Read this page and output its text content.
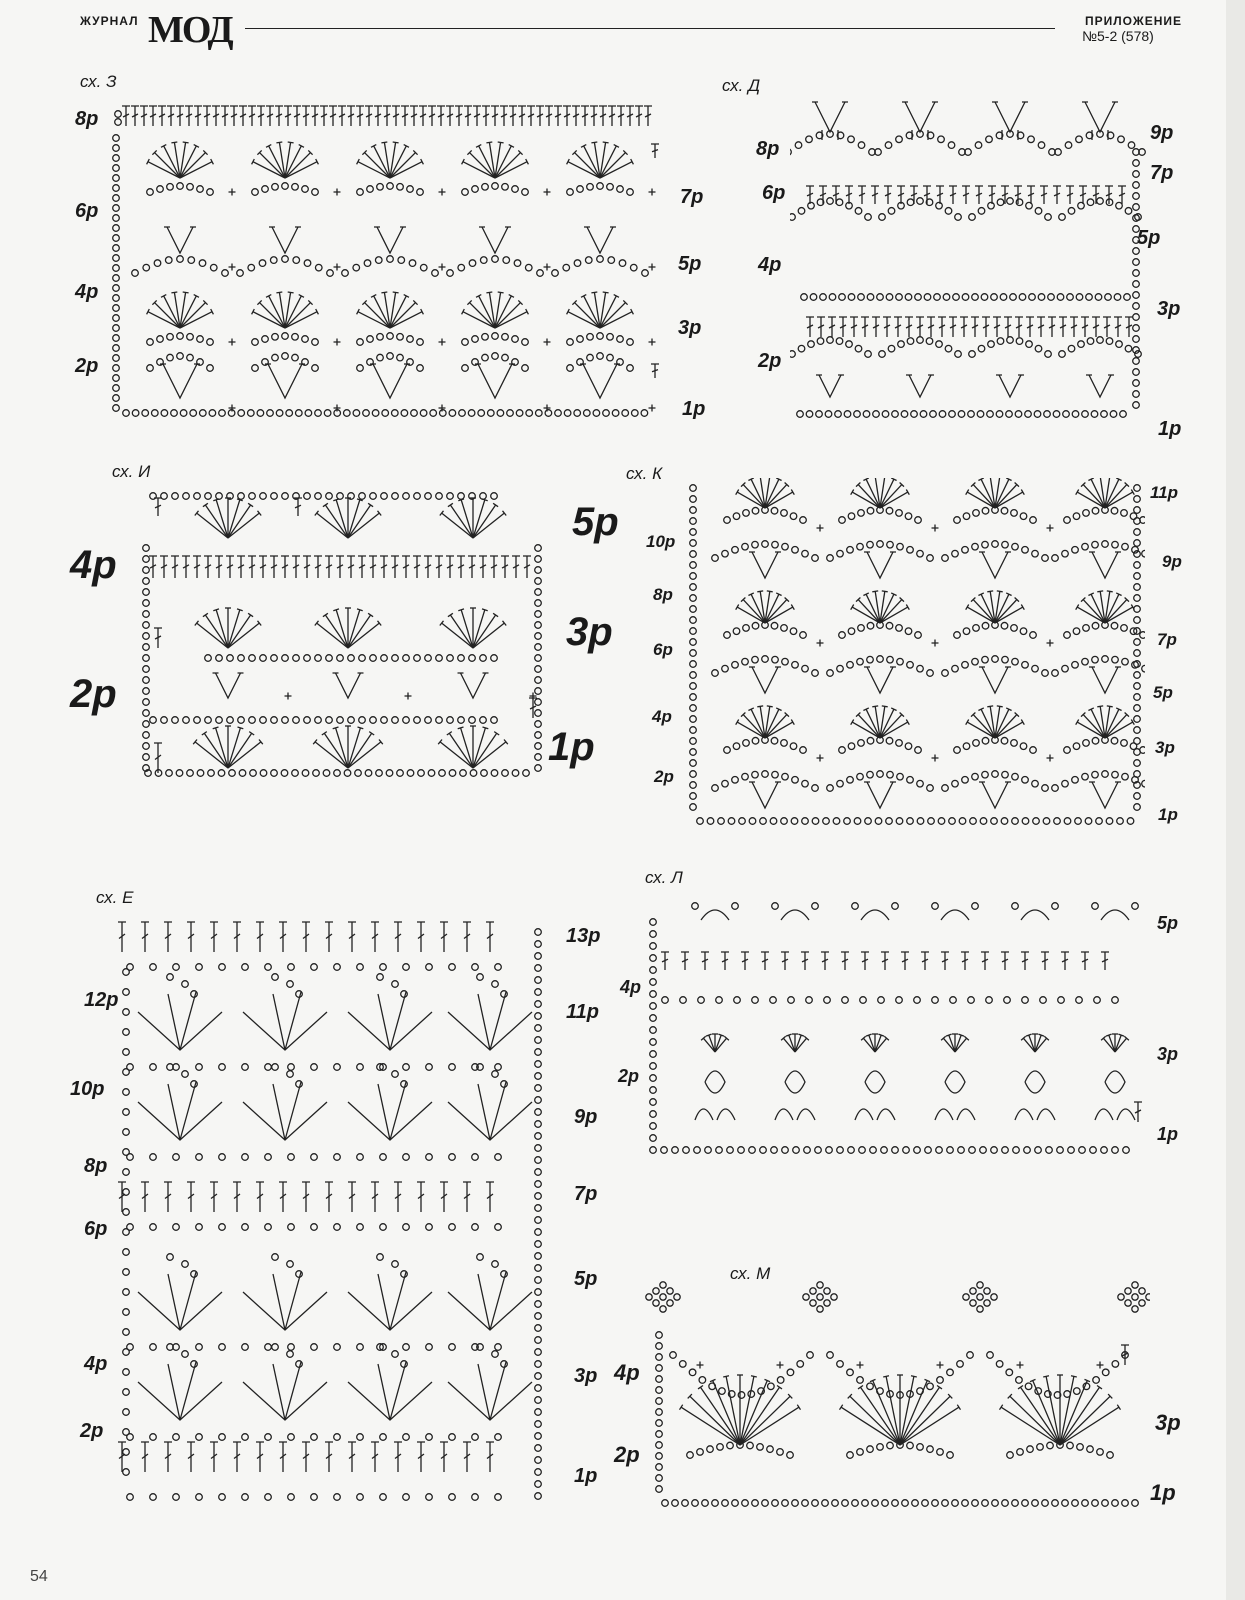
ЖУРНАЛ МОД	ПРИЛОЖЕНИЕ
№5-2 (578)
сх. З
8р
7р
6р
5р
4р
3р
2р
1р
сх. Д
9р
8р
7р
6р
5р
4р
3р
2р
1р
сх. И
5р
4р
3р
2р
1р
сх. К
11р
10р
9р
8р
7р
6р
5р
4р
3р
2р
1р
сх. Е
13р
12р
11р
10р
9р
8р
7р
6р
5р
4р
3р
2р
1р
сх. Л
5р
4р
3р
2р
1р
сх. М
4р
3р
2р
1р
54
